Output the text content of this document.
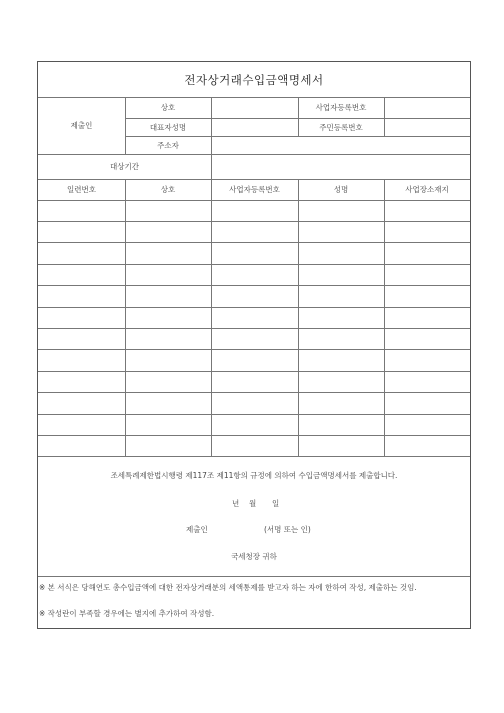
전자상거래수입금액명세서
제출인
상호	사업자등록번호
대표자성명	주민등록번호
주소자
대상기간
일련번호	상호	사업자등록번호	성명	사업장소재지
조세특례제한법시행령 제117조 제11항의 규정에 의하여 수입금액명세서를 제출합니다.
년 월 일
제출인	(서명 또는 인)
국세청장 귀하
※ 본 서식은 당해연도 총수입금액에 대한 전자상거래분의 세액통제를 받고자 하는 자에 한하여 작성, 제출하는 것임.
※ 작성란이 부족할 경우에는 별지에 추가하여 작성함.
